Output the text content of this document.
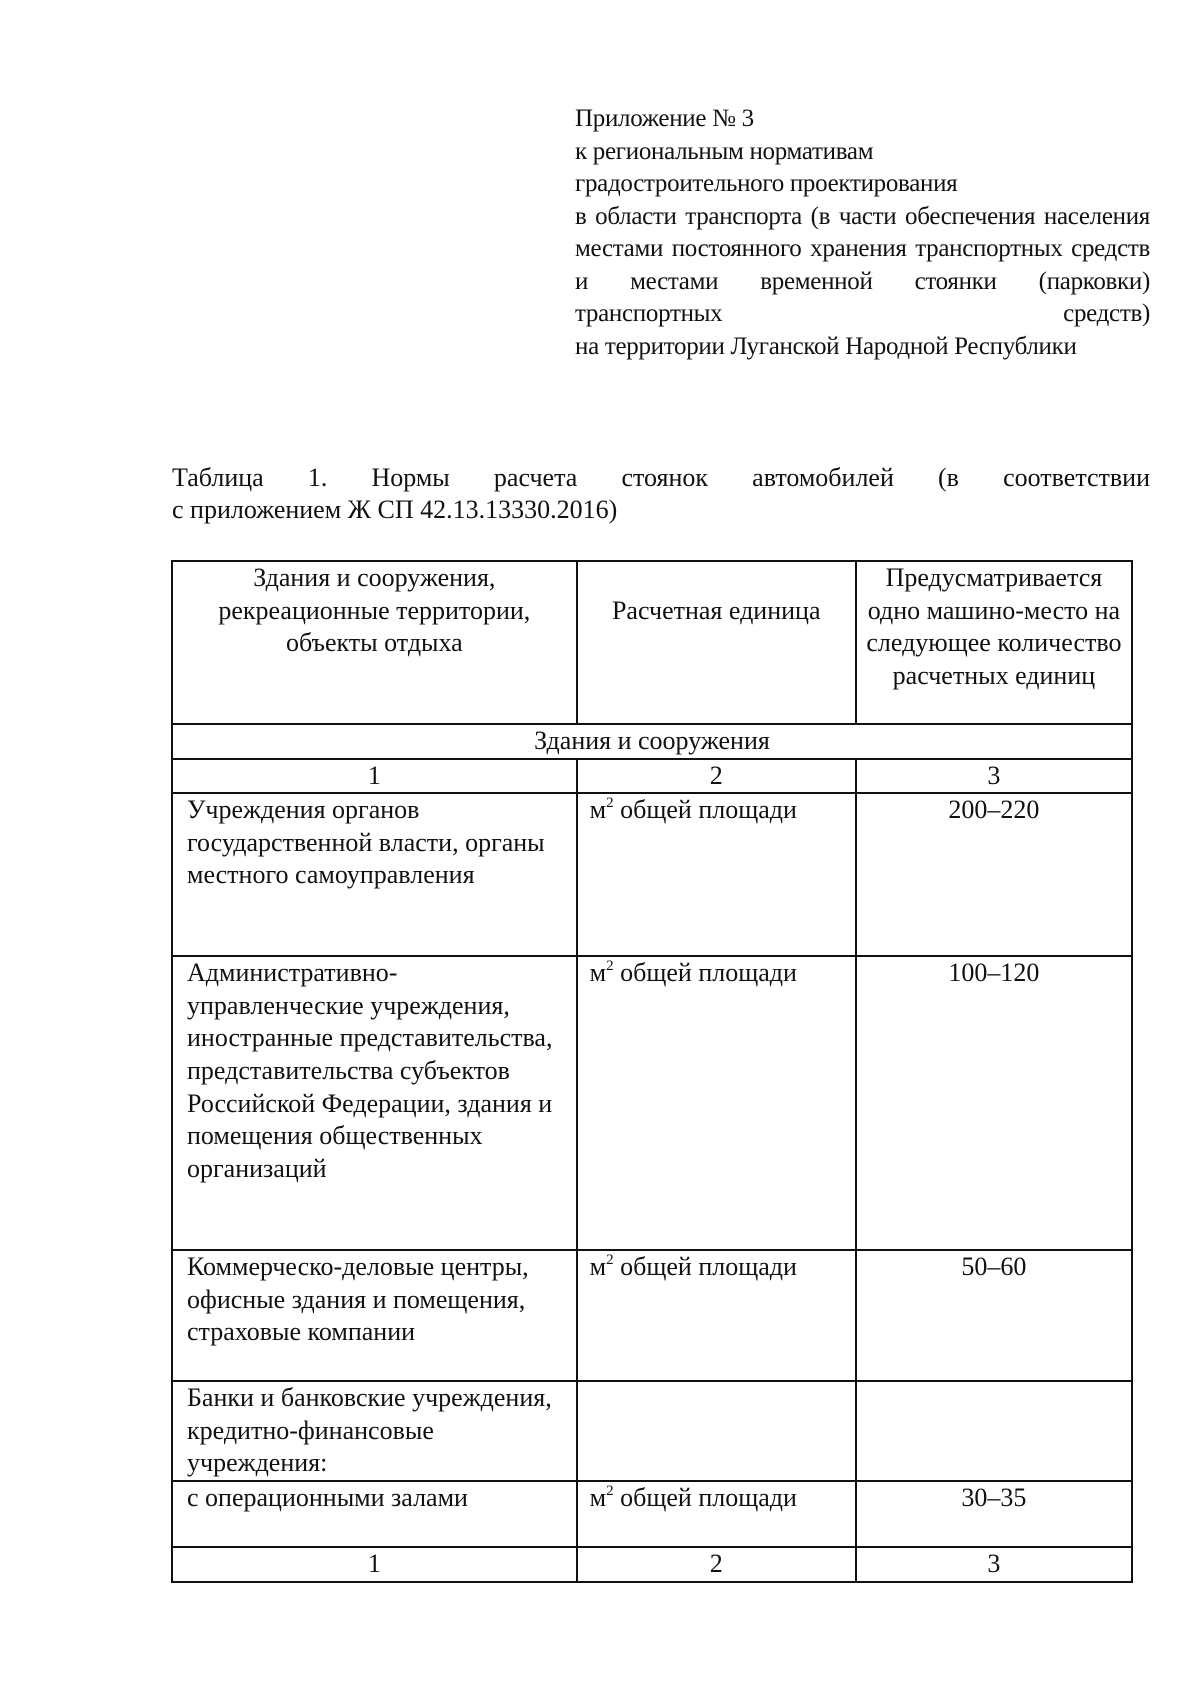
Приложение № 3
к региональным нормативам
градостроительного проектирования
в области транспорта (в части обеспечения населения местами постоянного хранения транспортных средств и местами временной стоянки (парковки) транспортных средств)
на территории Луганской Народной Республики
Таблица 1. Нормы расчета стоянок автомобилей (в соответствии
с приложением Ж СП 42.13.13330.2016)
Здания и сооружения, рекреационные территории, объекты отдыха	Расчетная единица	Предусматривается одно машино-место на следующее количество расчетных единиц
Здания и сооружения		
1	2	3
Учреждения органов государственной власти, органы местного самоуправления	$м^2$ общей площади	200–220
Административно-управленческие учреждения, иностранные представительства, представительства субъектов Российской Федерации, здания и помещения общественных организаций	$м^2$ общей площади	100–120
Коммерческо-деловые центры, офисные здания и помещения, страховые компании	$м^2$ общей площади	50–60
Банки и банковские учреждения, кредитно-финансовые учреждения:		
с операционными залами	$м^2$ общей площади	30–35
1	2	3
